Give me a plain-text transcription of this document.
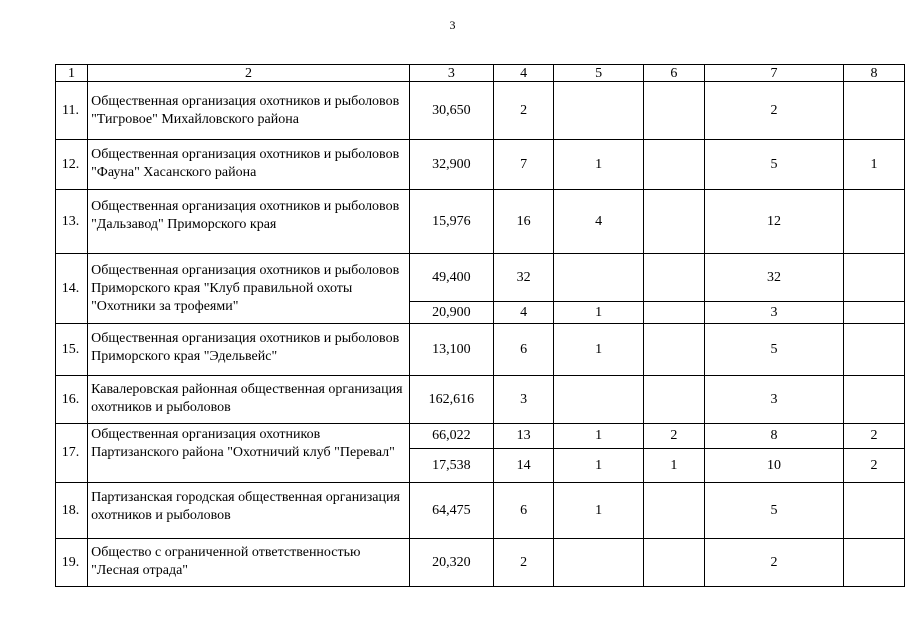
3
1	2	3	4	5	6	7	8
11.	Общественная организация охотников и рыболовов "Тигровое" Михайловского района	30,650	2			2	
12.	Общественная организация охотников и рыболовов "Фауна" Хасанского района	32,900	7	1		5	1
13.	Общественная организация охотников и рыболовов "Дальзавод" Приморского края	15,976	16	4		12	
14.	Общественная организация охотников и рыболовов Приморского края "Клуб правильной охоты "Охотники за трофеями"	49,400	32			32	
		20,900	4	1		3	
15.	Общественная организация охотников и рыболовов Приморского края "Эдельвейс"	13,100	6	1		5	
16.	Кавалеровская районная общественная организация охотников и рыболовов	162,616	3			3	
17.	Общественная организация охотников Партизанского района "Охотничий клуб "Перевал"	66,022	13	1	2	8	2
		17,538	14	1	1	10	2
18.	Партизанская городская общественная организация охотников и рыболовов	64,475	6	1		5	
19.	Общество с ограниченной ответственностью "Лесная отрада"	20,320	2			2	
